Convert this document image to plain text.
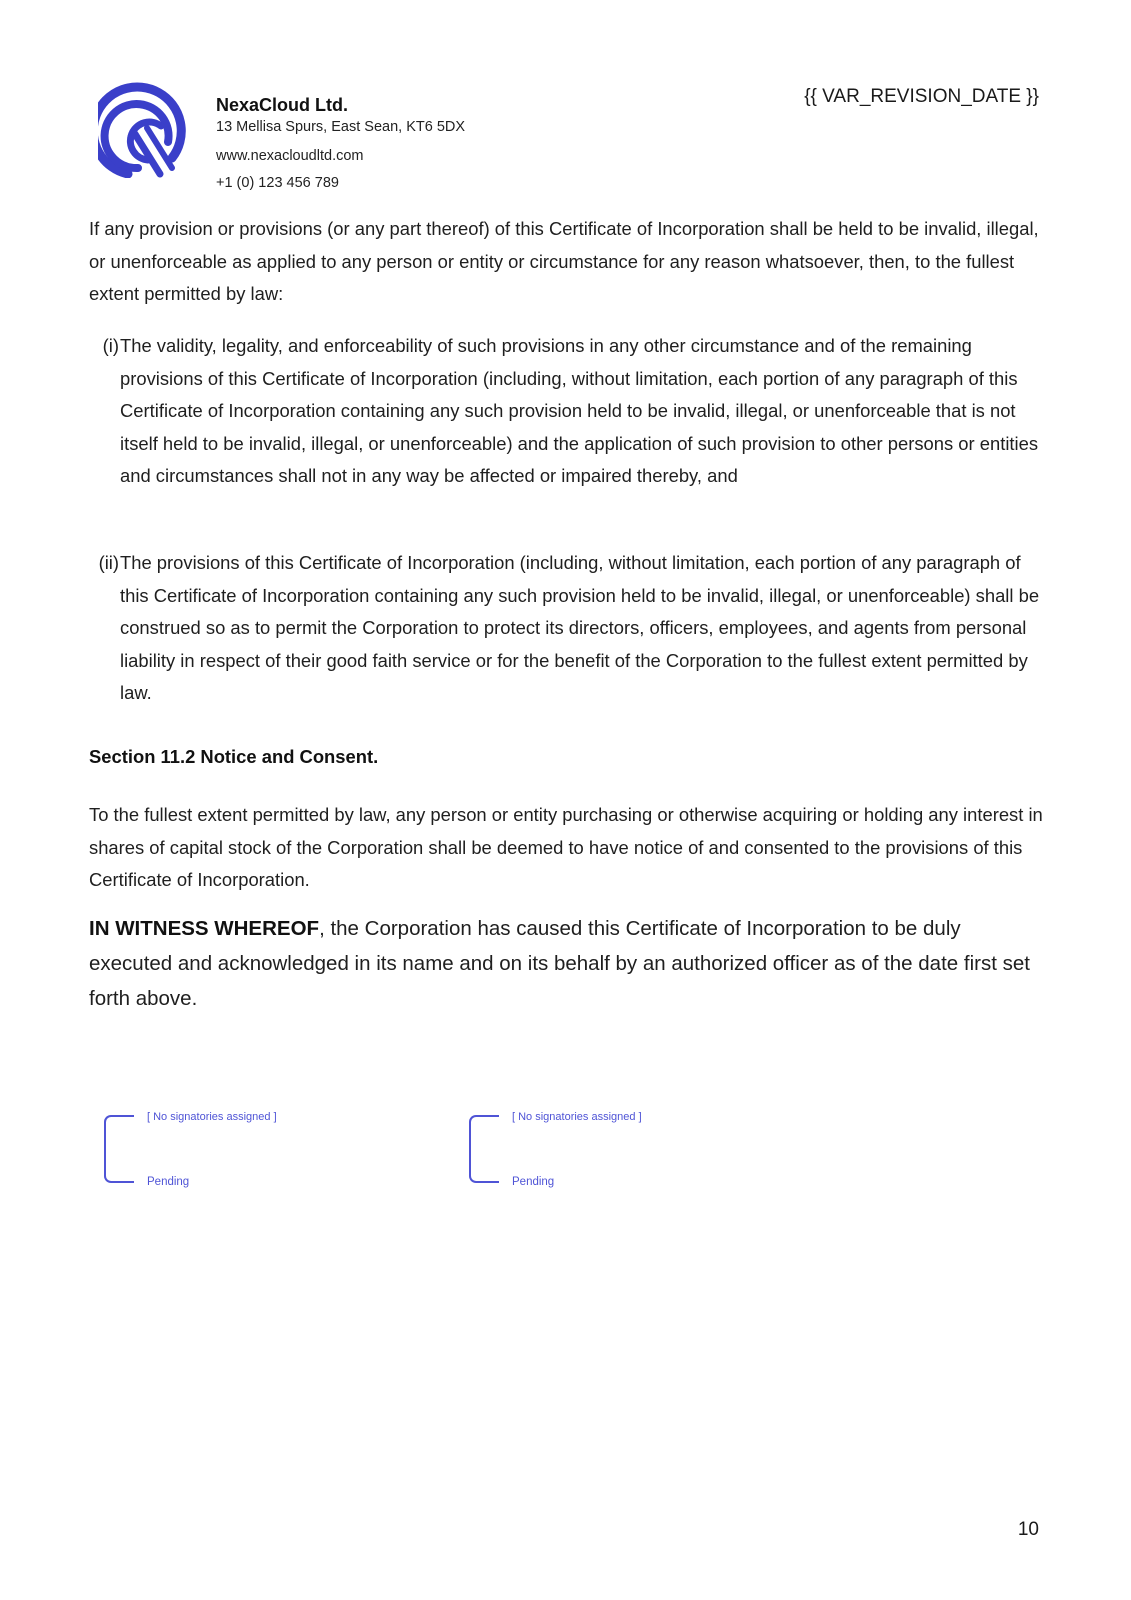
NexaCloud Ltd.

13 Mellisa Spurs, East Sean, KT6 5DX

www.nexacloudltd.com

+1 (0) 123 456 789

{{ VAR_REVISION_DATE }}

If any provision or provisions (or any part thereof) of this Certificate of Incorporation shall be held to be invalid, illegal, or unenforceable as applied to any person or entity or circumstance for any reason whatsoever, then, to the fullest extent permitted by law:

(i) The validity, legality, and enforceability of such provisions in any other circumstance and of the remaining provisions of this Certificate of Incorporation (including, without limitation, each portion of any paragraph of this Certificate of Incorporation containing any such provision held to be invalid, illegal, or unenforceable that is not itself held to be invalid, illegal, or unenforceable) and the application of such provision to other persons or entities and circumstances shall not in any way be affected or impaired thereby, and
(ii) The provisions of this Certificate of Incorporation (including, without limitation, each portion of any paragraph of this Certificate of Incorporation containing any such provision held to be invalid, illegal, or unenforceable) shall be construed so as to permit the Corporation to protect its directors, officers, employees, and agents from personal liability in respect of their good faith service or for the benefit of the Corporation to the fullest extent permitted by law.

Section 11.2 Notice and Consent.

To the fullest extent permitted by law, any person or entity purchasing or otherwise acquiring or holding any interest in shares of capital stock of the Corporation shall be deemed to have notice of and consented to the provisions of this Certificate of Incorporation.

IN WITNESS WHEREOF, the Corporation has caused this Certificate of Incorporation to be duly executed and acknowledged in its name and on its behalf by an authorized officer as of the date first set forth above.

[ No signatories assigned ]
Pending
[ No signatories assigned ]
Pending
10
